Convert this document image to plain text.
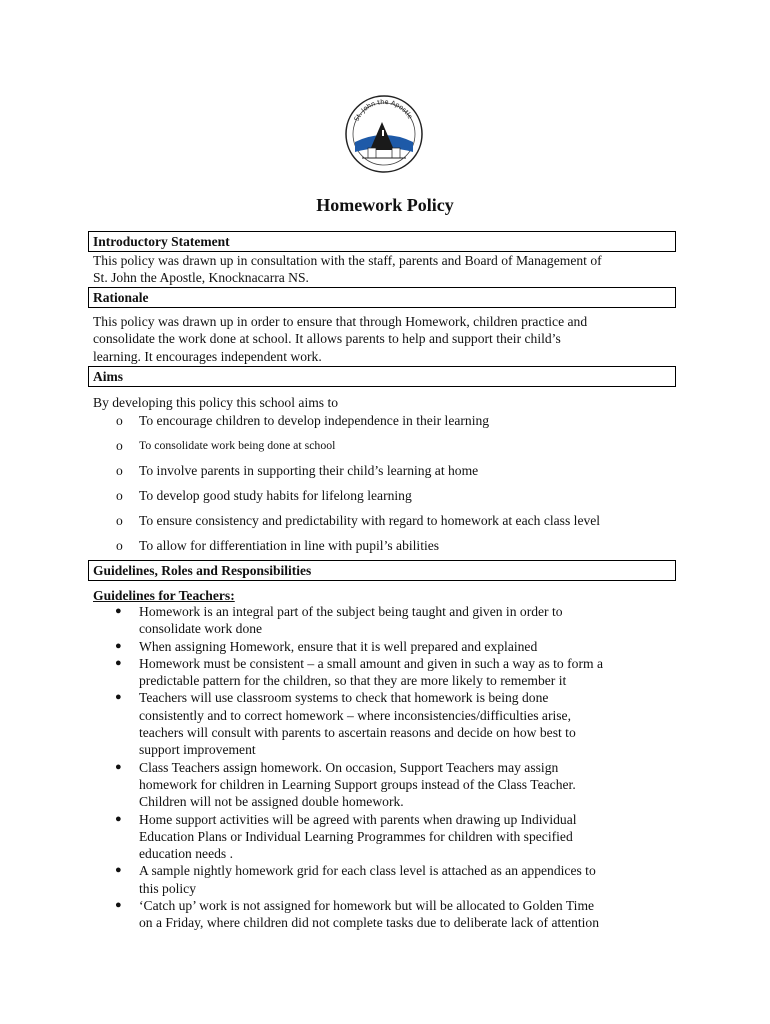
St. John the Apostle
Homework Policy
Introductory Statement

This policy was drawn up in consultation with the staff, parents and Board of Management of
St. John the Apostle, Knocknacarra NS.

Rationale

This policy was drawn up in order to ensure that through Homework, children practice and
consolidate the work done at school. It allows parents to help and support their child’s
learning. It encourages independent work.

Aims

By developing this policy this school aims to

o To encourage children to develop independence in their learning
o To consolidate work being done at school
o To involve parents in supporting their child’s learning at home
o To develop good study habits for lifelong learning
o To ensure consistency and predictability with regard to homework at each class level
o To allow for differentiation in line with pupil’s abilities
Guidelines, Roles and Responsibilities
Guidelines for Teachers:
● Homework is an integral part of the subject being taught and given in order to
consolidate work done
● When assigning Homework, ensure that it is well prepared and explained
● Homework must be consistent – a small amount and given in such a way as to form a
predictable pattern for the children, so that they are more likely to remember it
● Teachers will use classroom systems to check that homework is being done
consistently and to correct homework – where inconsistencies/difficulties arise,
teachers will consult with parents to ascertain reasons and decide on how best to
support improvement
● Class Teachers assign homework. On occasion, Support Teachers may assign
homework for children in Learning Support groups instead of the Class Teacher.
Children will not be assigned double homework.
● Home support activities will be agreed with parents when drawing up Individual
Education Plans or Individual Learning Programmes for children with specified
education needs .
● A sample nightly homework grid for each class level is attached as an appendices to
this policy
● ‘Catch up’ work is not assigned for homework but will be allocated to Golden Time
on a Friday, where children did not complete tasks due to deliberate lack of attention
